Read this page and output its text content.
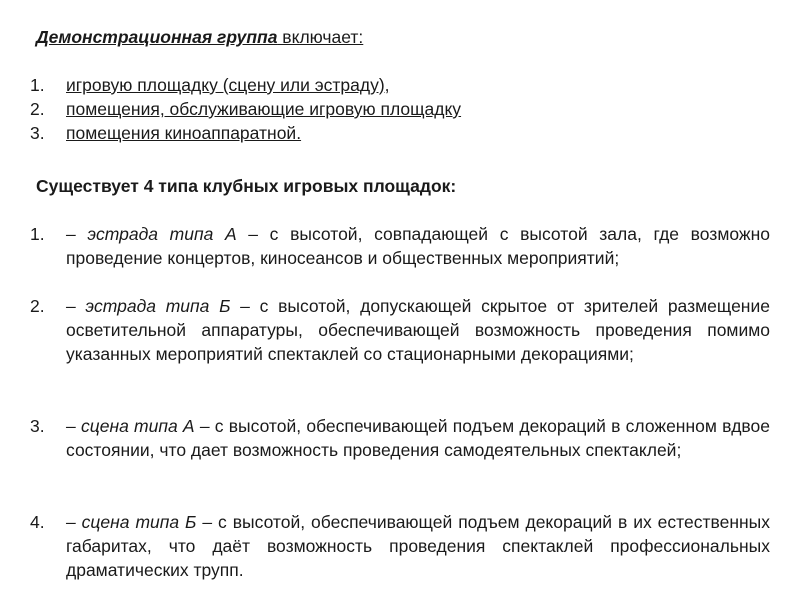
Демонстрационная группа включает:
1.	игровую площадку (сцену или эстраду),
2.	помещения, обслуживающие игровую площадку
3.	помещения киноаппаратной.
Существует 4 типа клубных игровых площадок:
1.	– эстрада типа А – с высотой, совпадающей с высотой зала, где возможно проведение концертов, киносеансов и общественных мероприятий;
2.	– эстрада типа Б – с высотой, допускающей скрытое от зрителей размещение осветительной аппаратуры, обеспечивающей возможность проведения помимо указанных мероприятий спектаклей со стационарными декорациями;
3.	– сцена типа А – с высотой, обеспечивающей подъем декораций в сложенном вдвое состоянии, что дает возможность проведения самодеятельных спектаклей;
4.	– сцена типа Б – с высотой, обеспечивающей подъем декораций в их естественных габаритах, что даёт возможность проведения спектаклей профессиональных драматических трупп.
